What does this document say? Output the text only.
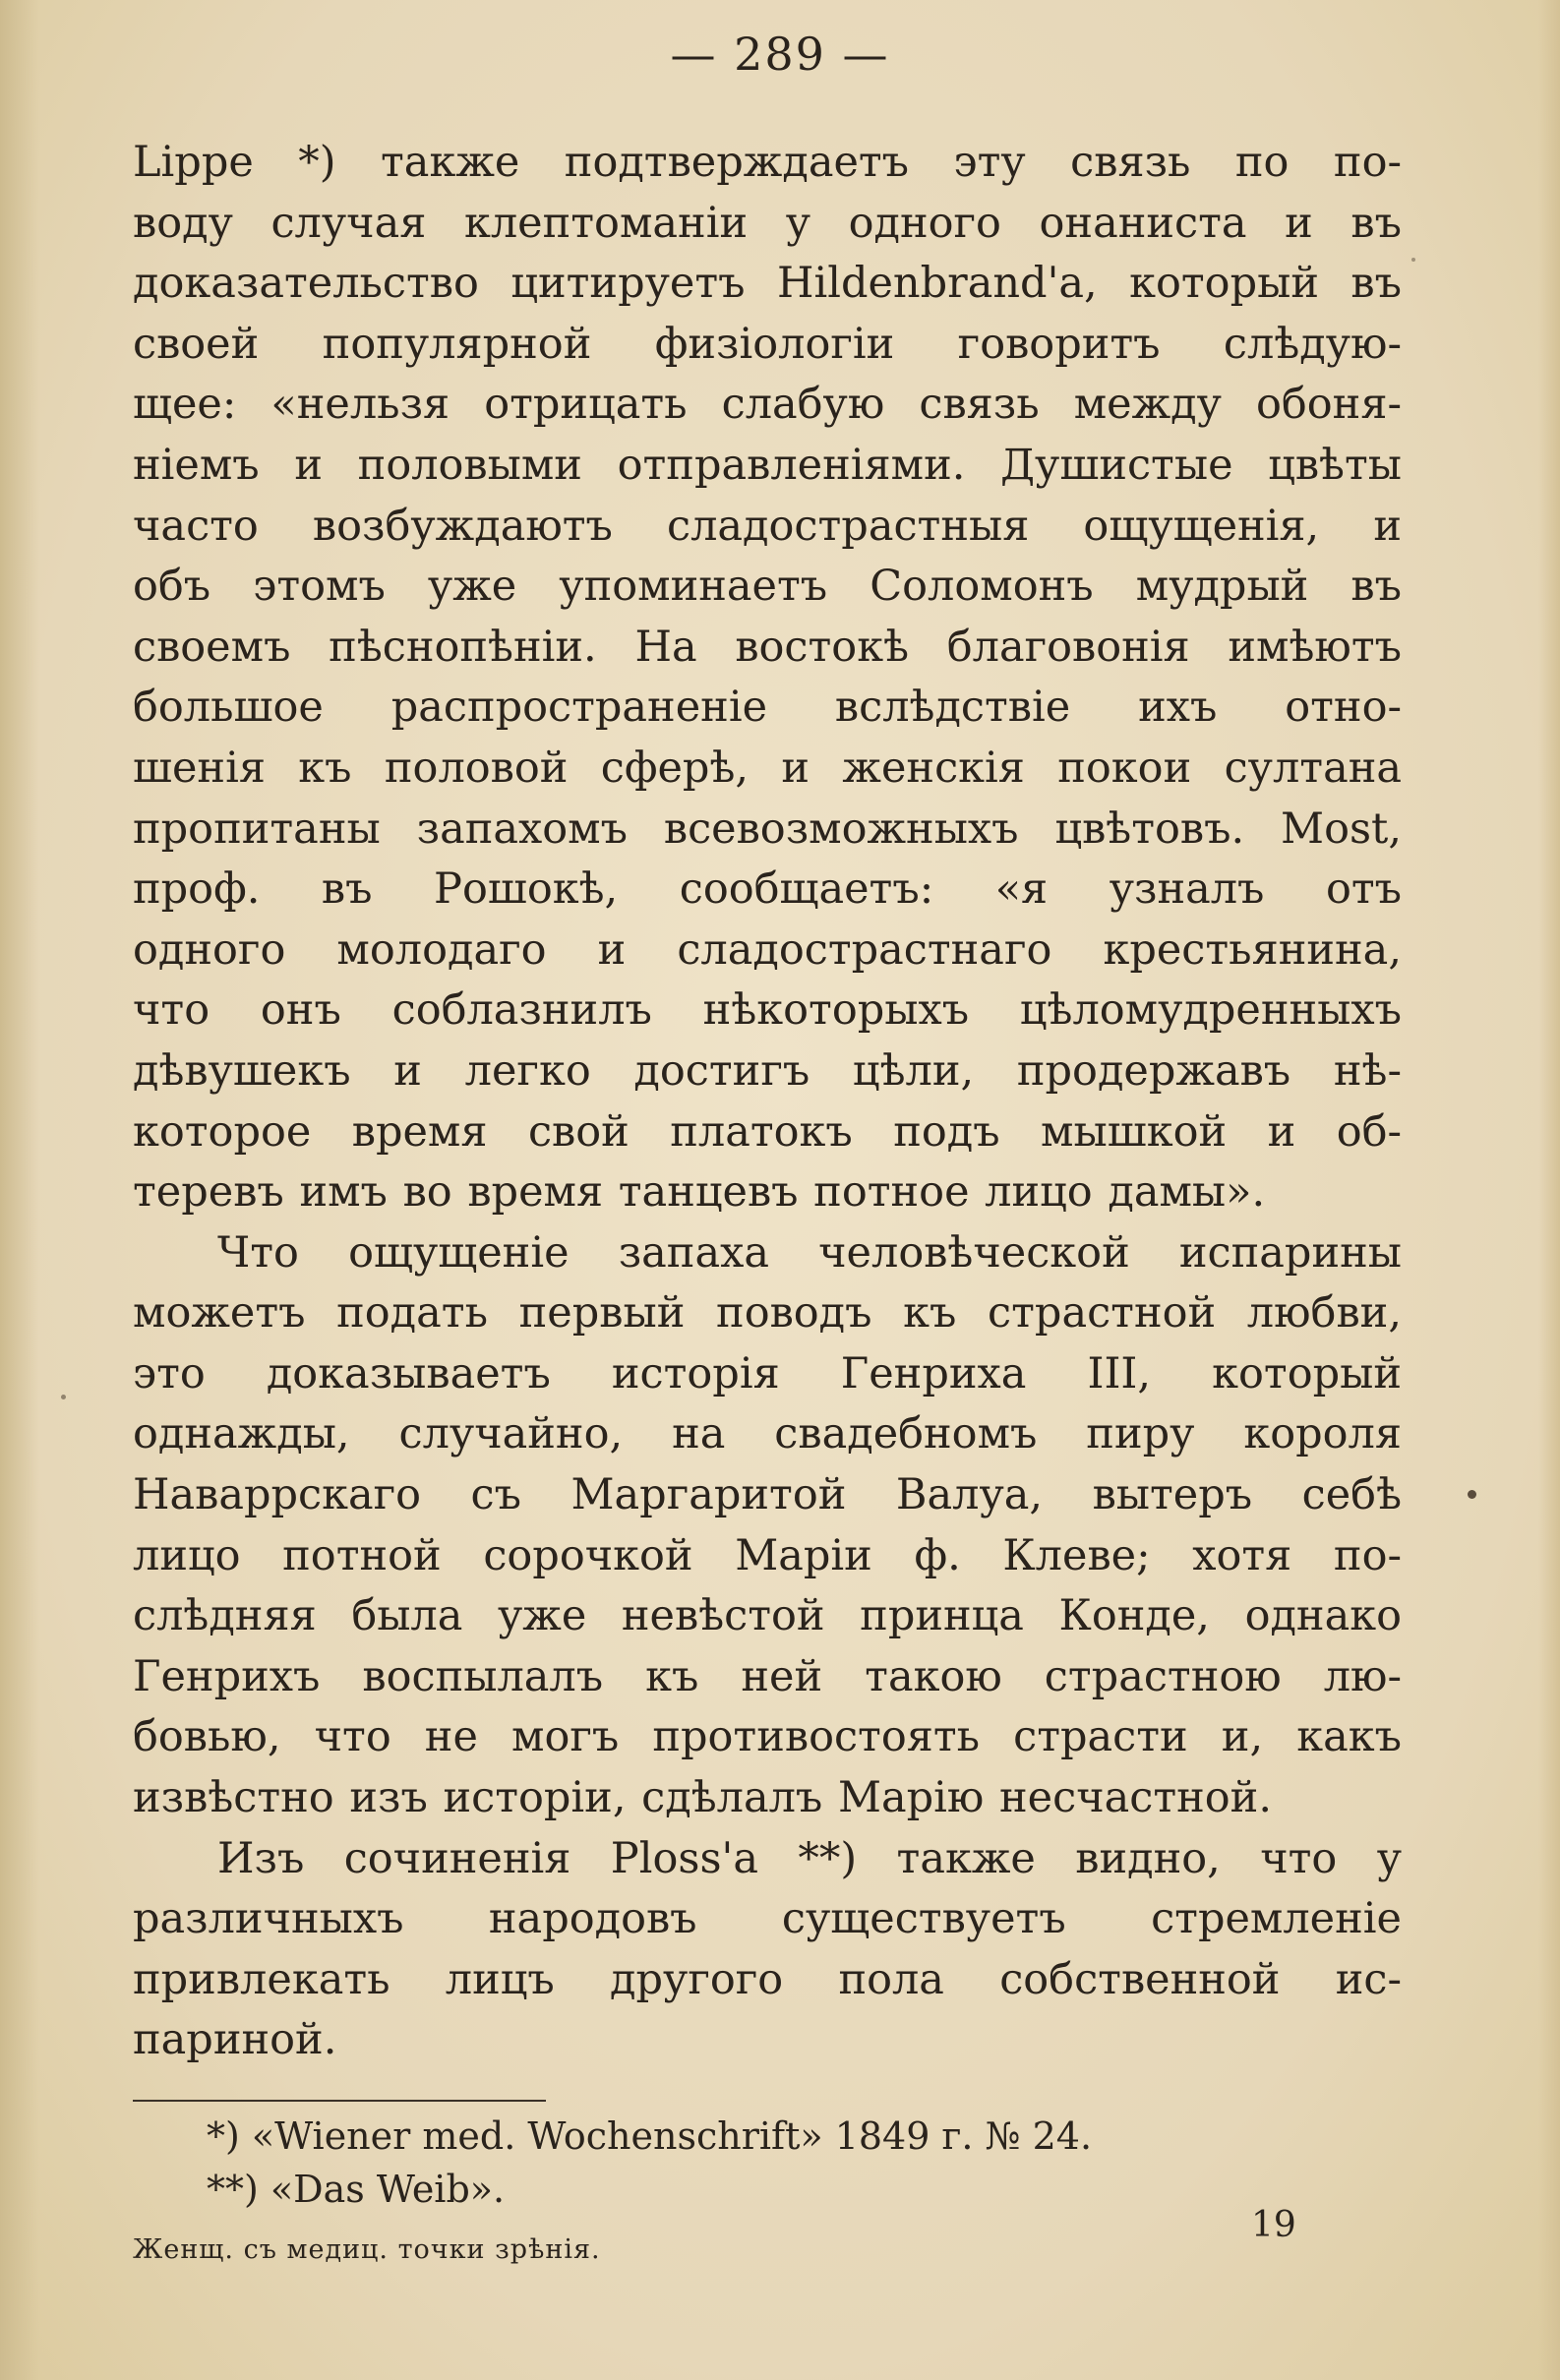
— 289 —
Lippe *) также подтверждаетъ эту связь по по-
воду случая клептоманіи у одного онаниста и въ
доказательство цитируетъ Hildenbrand'a, который въ
своей популярной физіологіи говоритъ слѣдую-
щее: «нельзя отрицать слабую связь между обоня-
ніемъ и половыми отправленіями. Душистые цвѣты
часто возбуждаютъ сладострастныя ощущенія, и
объ этомъ уже упоминаетъ Соломонъ мудрый въ
своемъ пѣснопѣніи. На востокѣ благовонія имѣютъ
большое распространеніе вслѣдствіе ихъ отно-
шенія къ половой сферѣ, и женскія покои султана
пропитаны запахомъ всевозможныхъ цвѣтовъ. Most,
проф. въ Рошокѣ, сообщаетъ: «я узналъ отъ
одного молодаго и сладострастнаго крестьянина,
что онъ соблазнилъ нѣкоторыхъ цѣломудренныхъ
дѣвушекъ и легко достигъ цѣли, продержавъ нѣ-
которое время свой платокъ подъ мышкой и об-
теревъ имъ во время танцевъ потное лицо дамы».
Что ощущеніе запаха человѣческой испарины
можетъ подать первый поводъ къ страстной любви,
это доказываетъ исторія Генриха III, который
однажды, случайно, на свадебномъ пиру короля
Наваррскаго съ Маргаритой Валуа, вытеръ себѣ
лицо потной сорочкой Маріи ф. Клеве; хотя по-
слѣдняя была уже невѣстой принца Конде, однако
Генрихъ воспылалъ къ ней такою страстною лю-
бовью, что не могъ противостоять страсти и, какъ
извѣстно изъ исторіи, сдѣлалъ Марію несчастной.
Изъ сочиненія Ploss'a **) также видно, что у
различныхъ народовъ существуетъ стремленіе
привлекать лицъ другого пола собственной ис-
париной.
*) «Wiener med. Wochenschrift» 1849 г. № 24.
**) «Das Weib».
Женщ. съ медиц. точки зрѣнія.
19
